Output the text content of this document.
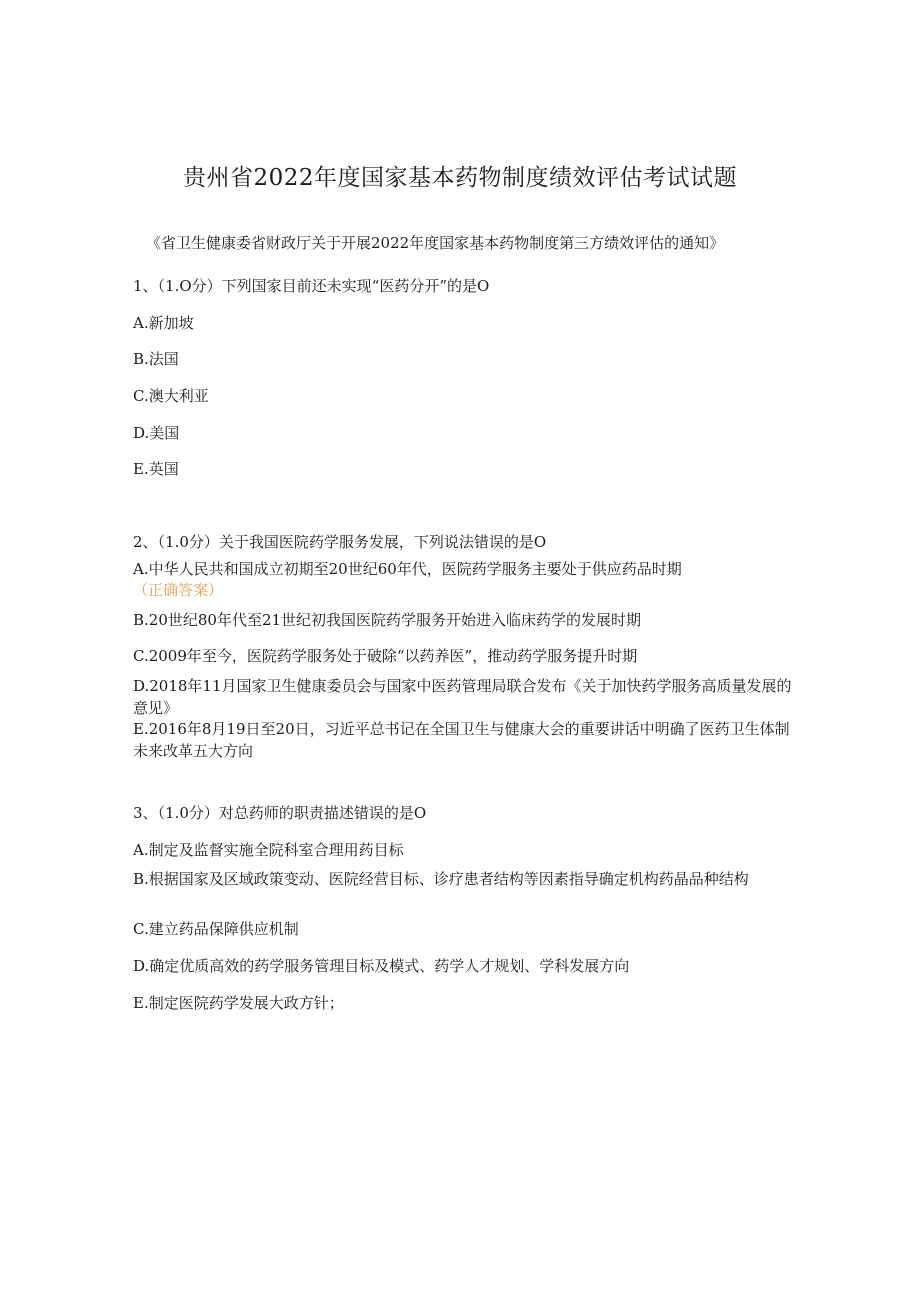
贵州省2022年度国家基本药物制度绩效评估考试试题
《省卫生健康委省财政厅关于开展2022年度国家基本药物制度第三方绩效评估的通知》
1、（1.O分）下列国家目前还未实现“医药分开”的是O
A.新加坡
B.法国
C.澳大利亚
D.美国
E.英国
2、（1.0分）关于我国医院药学服务发展，下列说法错误的是O
A.中华人民共和国成立初期至20世纪60年代，医院药学服务主要处于供应药品时期
（正确答案）
B.20世纪80年代至21世纪初我国医院药学服务开始进入临床药学的发展时期
C.2009年至今，医院药学服务处于破除“以药养医”，推动药学服务提升时期
D.2018年11月国家卫生健康委员会与国家中医药管理局联合发布《关于加快药学服务高质量发展的意见》
E.2016年8月19日至20日，习近平总书记在全国卫生与健康大会的重要讲话中明确了医药卫生体制未来改革五大方向
3、（1.0分）对总药师的职责描述错误的是O
A.制定及监督实施全院科室合理用药目标
B.根据国家及区域政策变动、医院经营目标、诊疗患者结构等因素指导确定机构药晶品种结构
C.建立药品保障供应机制
D.确定优质高效的药学服务管理目标及模式、药学人才规划、学科发展方向
E.制定医院药学发展大政方针；
